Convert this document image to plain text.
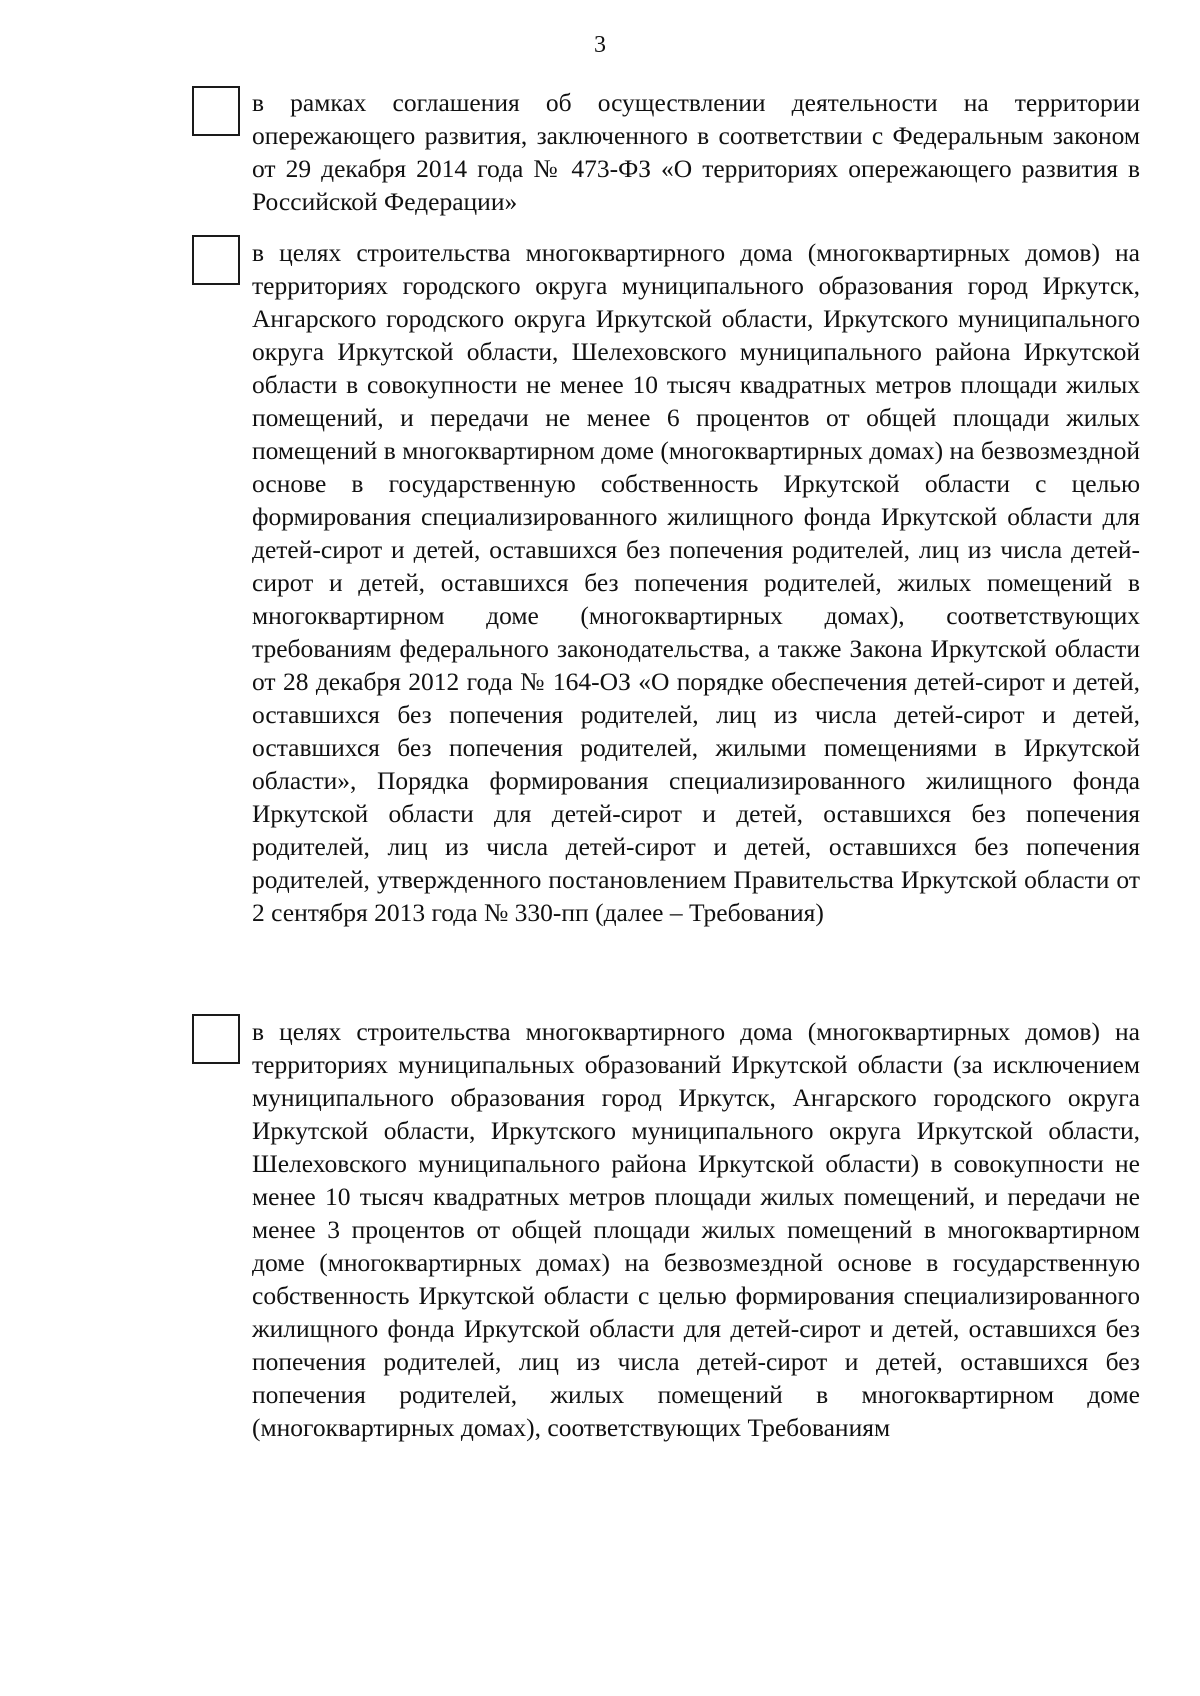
3

в рамках соглашения об осуществлении деятельности на территории опережающего развития, заключенного в соответствии с Федеральным законом от 29 декабря 2014 года № 473-ФЗ «О территориях опережающего развития в Российской Федерации»

в целях строительства многоквартирного дома (многоквартирных домов) на территориях городского округа муниципального образования город Иркутск, Ангарского городского округа Иркутской области, Иркутского муниципального округа Иркутской области, Шелеховского муниципального района Иркутской области в совокупности не менее 10 тысяч квадратных метров площади жилых помещений, и передачи не менее 6 процентов от общей площади жилых помещений в многоквартирном доме (многоквартирных домах) на безвозмездной основе в государственную собственность Иркутской области с целью формирования специализированного жилищного фонда Иркутской области для детей-сирот и детей, оставшихся без попечения родителей, лиц из числа детей-сирот и детей, оставшихся без попечения родителей, жилых помещений в многоквартирном доме (многоквартирных домах), соответствующих требованиям федерального законодательства, а также Закона Иркутской области от 28 декабря 2012 года № 164-ОЗ «О порядке обеспечения детей-сирот и детей, оставшихся без попечения родителей, лиц из числа детей-сирот и детей, оставшихся без попечения родителей, жилыми помещениями в Иркутской области», Порядка формирования специализированного жилищного фонда Иркутской области для детей-сирот и детей, оставшихся без попечения родителей, лиц из числа детей-сирот и детей, оставшихся без попечения родителей, утвержденного постановлением Правительства Иркутской области от 2 сентября 2013 года № 330-пп (далее – Требования)

в целях строительства многоквартирного дома (многоквартирных домов) на территориях муниципальных образований Иркутской области (за исключением муниципального образования город Иркутск, Ангарского городского округа Иркутской области, Иркутского муниципального округа Иркутской области, Шелеховского муниципального района Иркутской области) в совокупности не менее 10 тысяч квадратных метров площади жилых помещений, и передачи не менее 3 процентов от общей площади жилых помещений в многоквартирном доме (многоквартирных домах) на безвозмездной основе в государственную собственность Иркутской области с целью формирования специализированного жилищного фонда Иркутской области для детей-сирот и детей, оставшихся без попечения родителей, лиц из числа детей-сирот и детей, оставшихся без попечения родителей, жилых помещений в многоквартирном доме (многоквартирных домах), соответствующих Требованиям
